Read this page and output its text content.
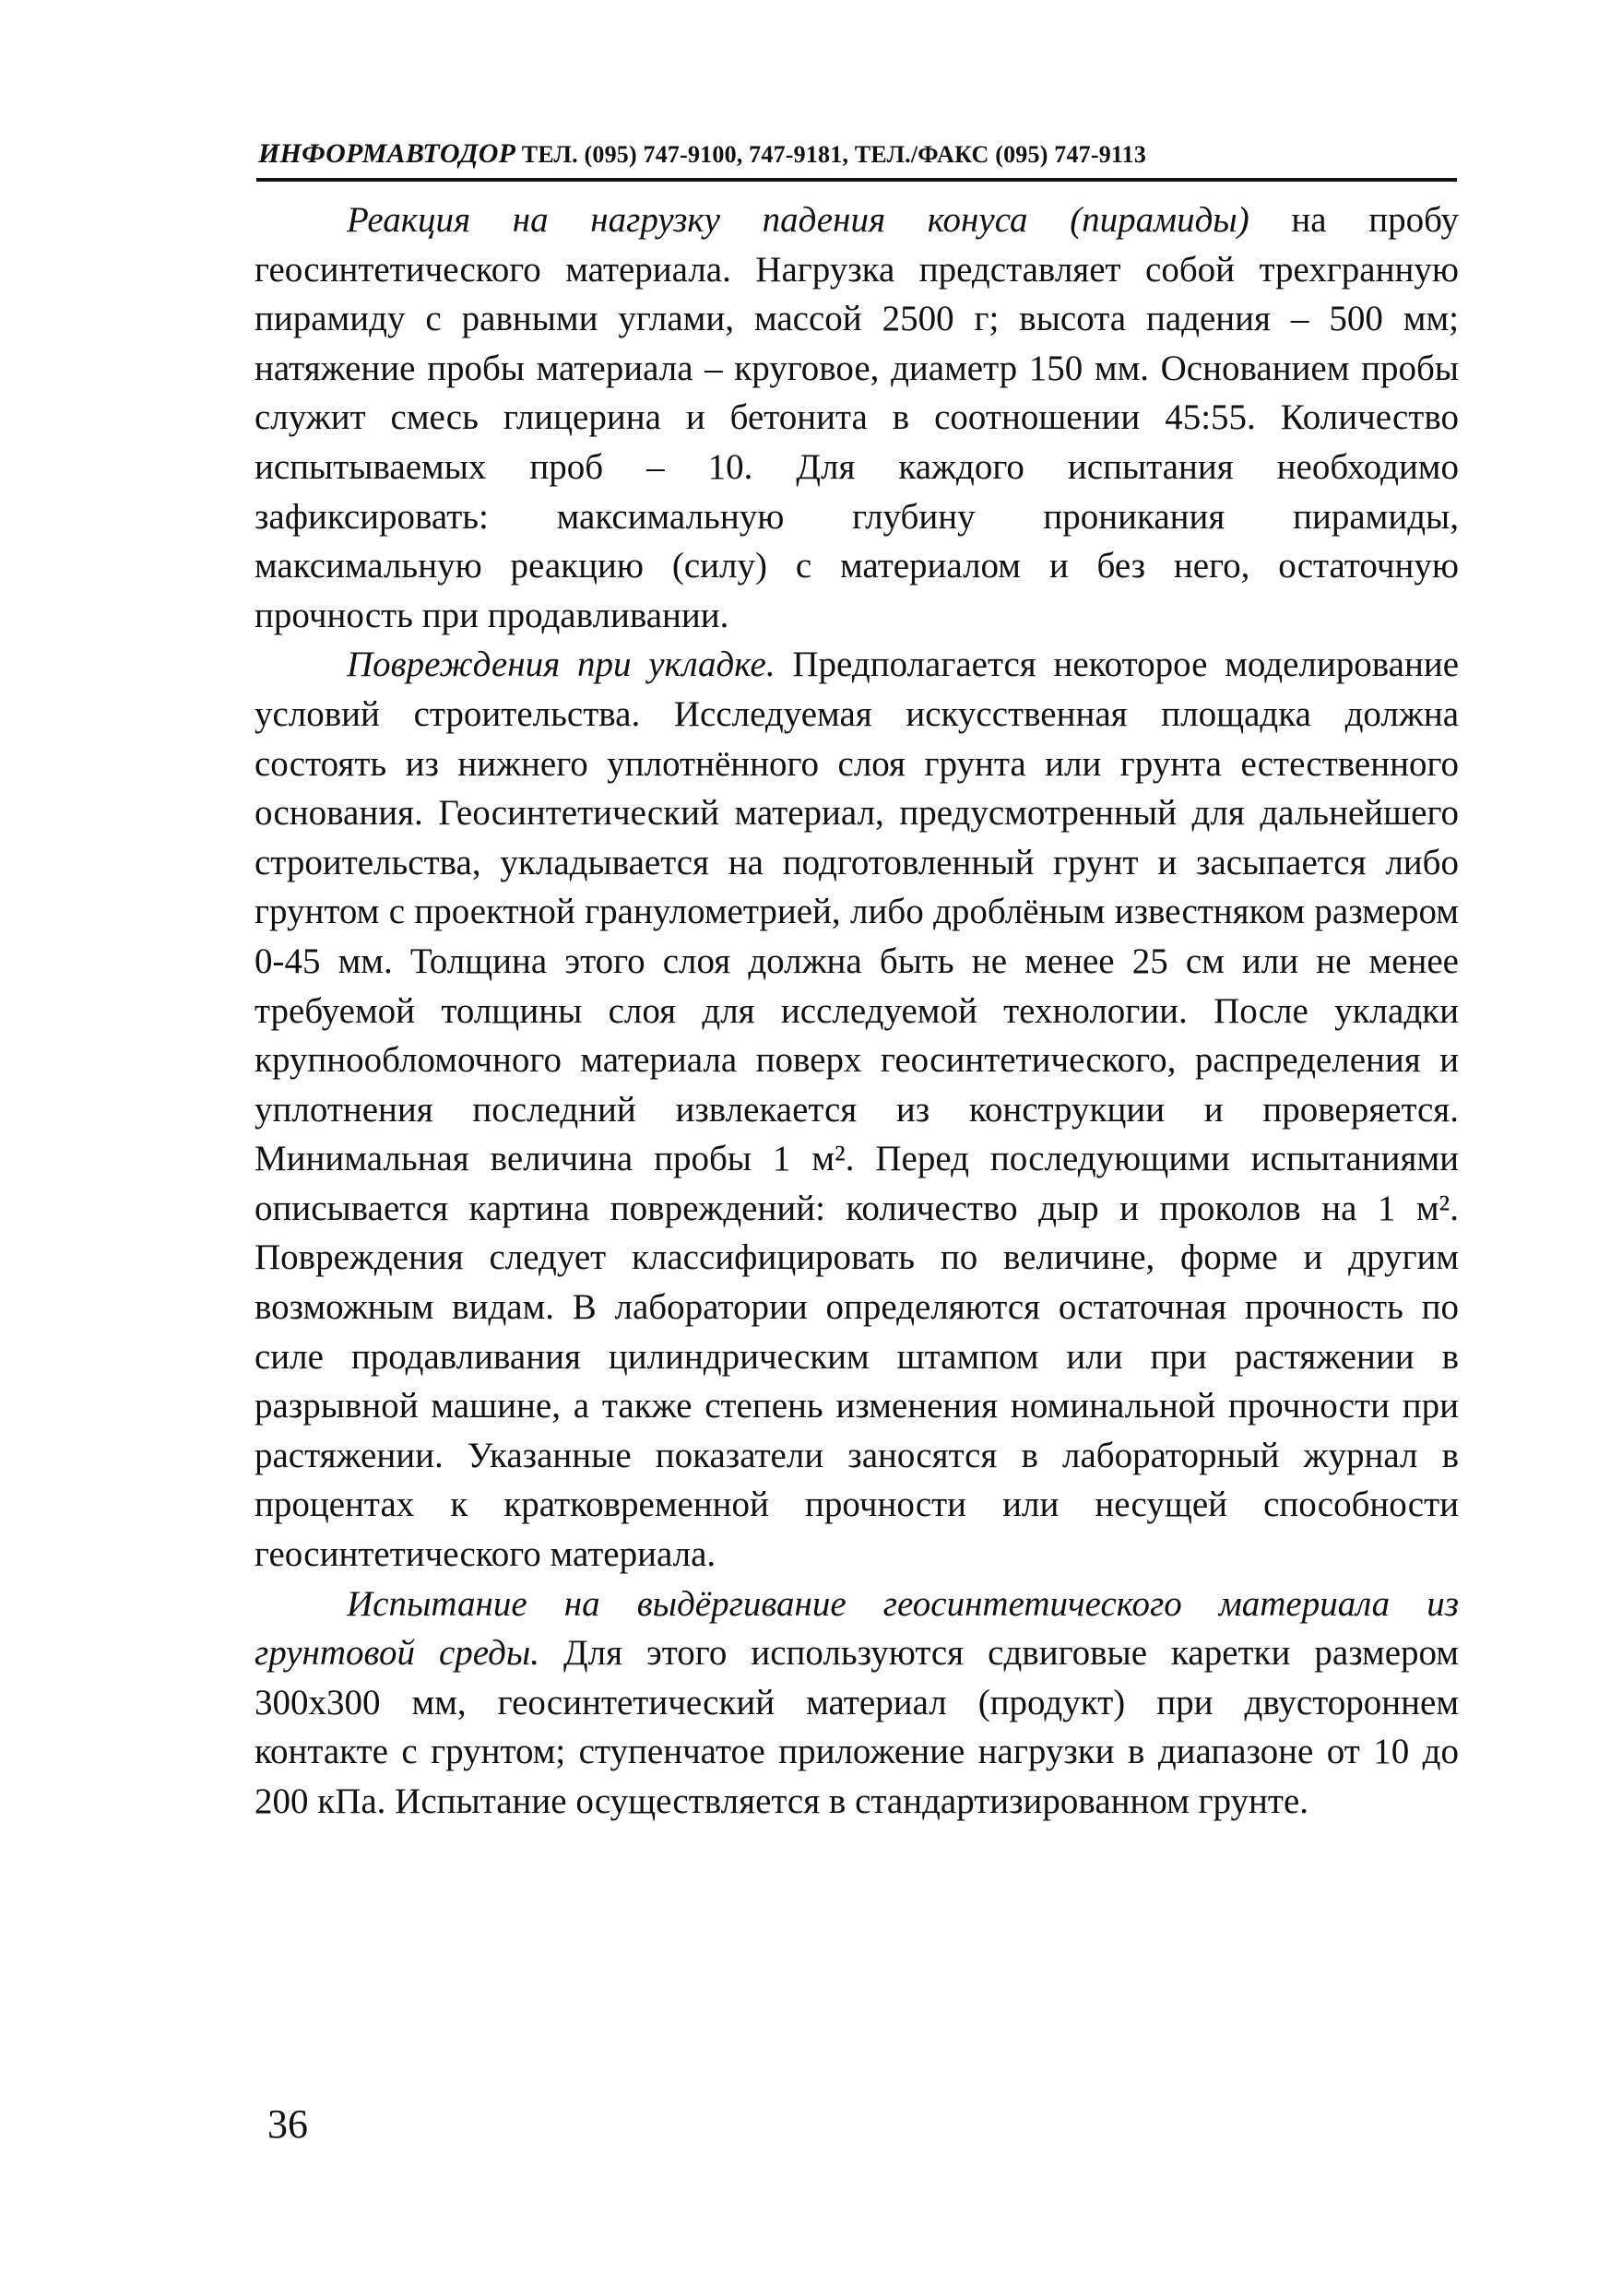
ИНФОРМАВТОДОР ТЕЛ. (095) 747-9100, 747-9181, ТЕЛ./ФАКС (095) 747-9113

Реакция на нагрузку падения конуса (пирамиды) на пробу геосинтетического материала. Нагрузка представляет собой трехгранную пирамиду с равными углами, массой 2500 г; высота падения – 500 мм; натяжение пробы материала – круговое, диаметр 150 мм. Основанием пробы служит смесь глицерина и бетонита в соотношении 45:55. Количество испытываемых проб – 10. Для каждого испытания необходимо зафиксировать: максимальную глубину проникания пирамиды, максимальную реакцию (силу) с материалом и без него, остаточную прочность при продавливании.

Повреждения при укладке. Предполагается некоторое моделирование условий строительства. Исследуемая искусственная площадка должна состоять из нижнего уплотнённого слоя грунта или грунта естественного основания. Геосинтетический материал, предусмотренный для дальнейшего строительства, укладывается на подготовленный грунт и засыпается либо грунтом с проектной гранулометрией, либо дроблёным известняком размером 0-45 мм. Толщина этого слоя должна быть не менее 25 см или не менее требуемой толщины слоя для исследуемой технологии. После укладки крупнообломочного материала поверх геосинтетического, распределения и уплотнения последний извлекается из конструкции и проверяется. Минимальная величина пробы 1 м². Перед последующими испытаниями описывается картина повреждений: количество дыр и проколов на 1 м². Повреждения следует классифицировать по величине, форме и другим возможным видам. В лаборатории определяются остаточная прочность по силе продавливания цилиндрическим штампом или при растяжении в разрывной машине, а также степень изменения номинальной прочности при растяжении. Указанные показатели заносятся в лабораторный журнал в процентах к кратковременной прочности или несущей способности геосинтетического материала.

Испытание на выдёргивание геосинтетического материала из грунтовой среды. Для этого используются сдвиговые каретки размером 300х300 мм, геосинтетический материал (продукт) при двустороннем контакте с грунтом; ступенчатое приложение нагрузки в диапазоне от 10 до 200 кПа. Испытание осуществляется в стандартизированном грунте.

36
